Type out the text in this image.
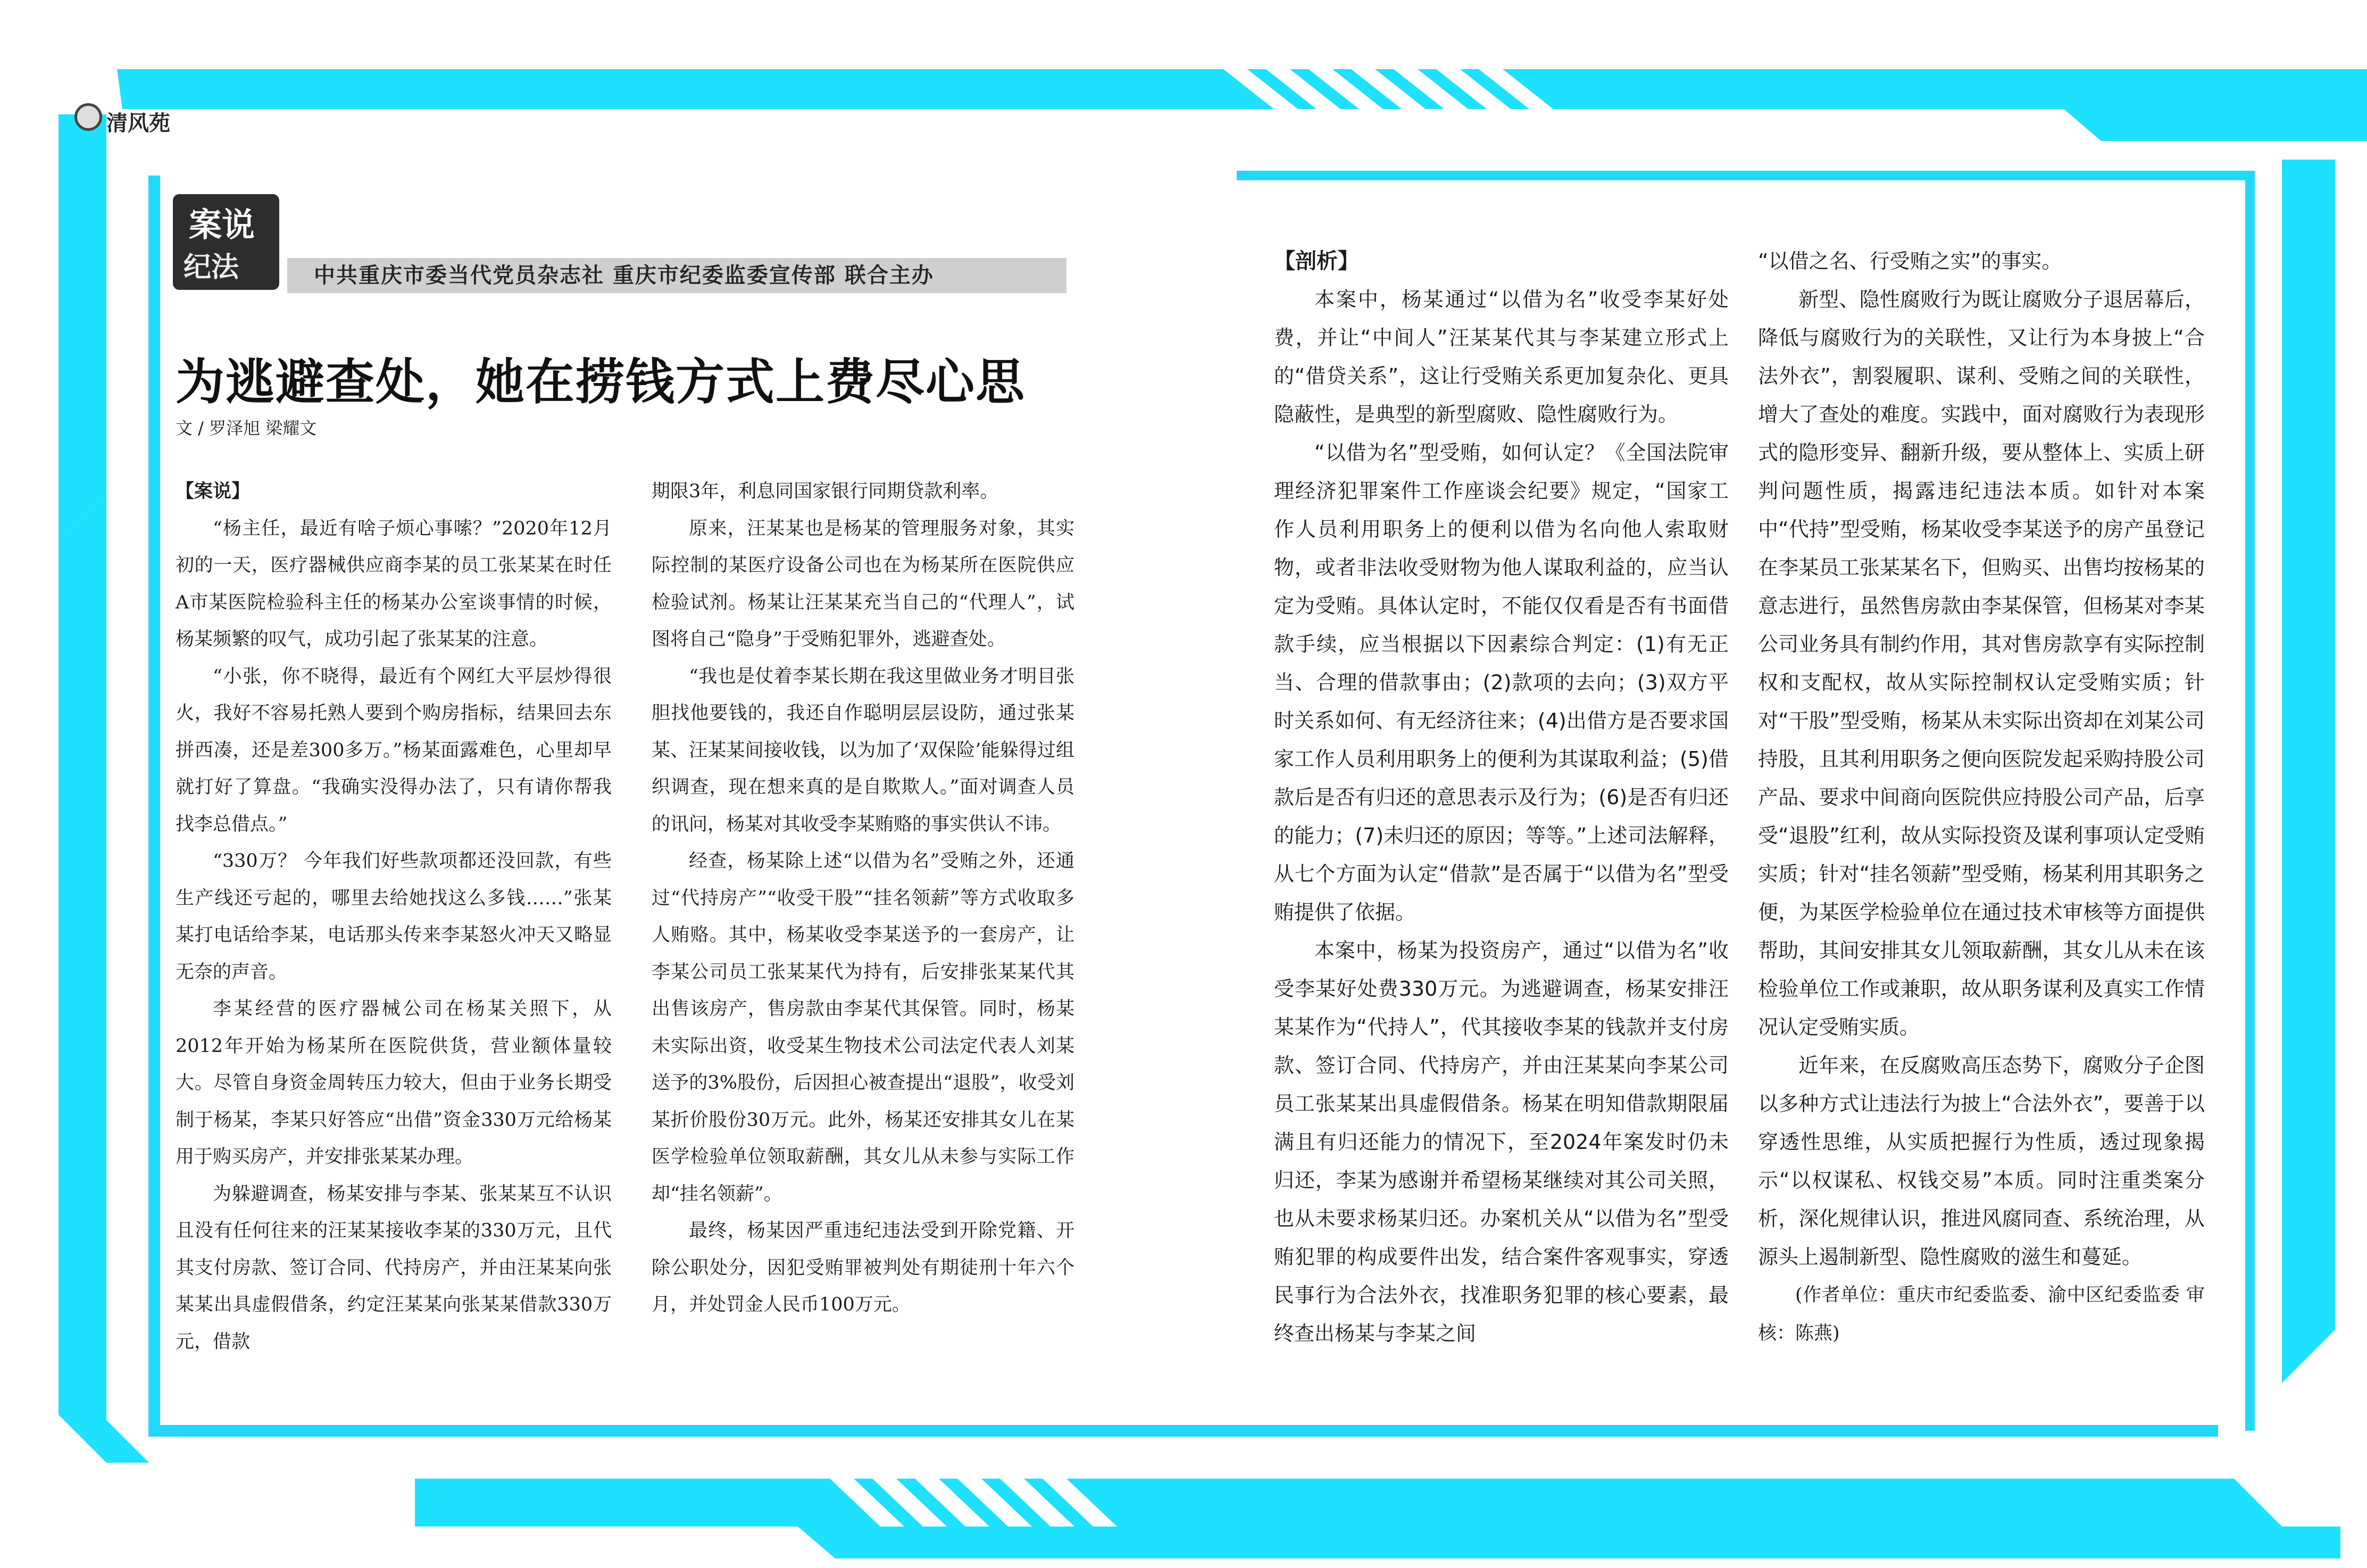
清风苑
案说
纪法	中共重庆市委当代党员杂志社 重庆市纪委监委宣传部 联合主办
为逃避查处，她在捞钱方式上费尽心思
文 / 罗泽旭 梁耀文

【案说】

“杨主任，最近有啥子烦心事嗦？”2020年12月初的一天，医疗器械供应商李某的员工张某某在时任A市某医院检验科主任的杨某办公室谈事情的时候，杨某频繁的叹气，成功引起了张某某的注意。

“小张，你不晓得，最近有个网红大平层炒得很火，我好不容易托熟人要到个购房指标，结果回去东拼西凑，还是差300多万。”杨某面露难色，心里却早就打好了算盘。“我确实没得办法了，只有请你帮我找李总借点。”

“330万？ 今年我们好些款项都还没回款，有些生产线还亏起的，哪里去给她找这么多钱……”张某某打电话给李某，电话那头传来李某怒火冲天又略显无奈的声音。

李某经营的医疗器械公司在杨某关照下，从2012年开始为杨某所在医院供货，营业额体量较大。尽管自身资金周转压力较大，但由于业务长期受制于杨某，李某只好答应“出借”资金330万元给杨某用于购买房产，并安排张某某办理。

为躲避调查，杨某安排与李某、张某某互不认识且没有任何往来的汪某某接收李某的330万元，且代其支付房款、签订合同、代持房产，并由汪某某向张某某出具虚假借条，约定汪某某向张某某借款330万元，借款

期限3年，利息同国家银行同期贷款利率。

原来，汪某某也是杨某的管理服务对象，其实际控制的某医疗设备公司也在为杨某所在医院供应检验试剂。杨某让汪某某充当自己的“代理人”，试图将自己“隐身”于受贿犯罪外，逃避查处。

“我也是仗着李某长期在我这里做业务才明目张胆找他要钱的，我还自作聪明层层设防，通过张某某、汪某某间接收钱，以为加了‘双保险’能躲得过组织调查，现在想来真的是自欺欺人。”面对调查人员的讯问，杨某对其收受李某贿赂的事实供认不讳。

经查，杨某除上述“以借为名”受贿之外，还通过“代持房产”“收受干股”“挂名领薪”等方式收取多人贿赂。其中，杨某收受李某送予的一套房产，让李某公司员工张某某代为持有，后安排张某某代其出售该房产，售房款由李某代其保管。同时，杨某未实际出资，收受某生物技术公司法定代表人刘某送予的3%股份，后因担心被查提出“退股”，收受刘某折价股份30万元。此外，杨某还安排其女儿在某医学检验单位领取薪酬，其女儿从未参与实际工作却“挂名领薪”。

最终，杨某因严重违纪违法受到开除党籍、开除公职处分，因犯受贿罪被判处有期徒刑十年六个月，并处罚金人民币100万元。

【剖析】

本案中，杨某通过“以借为名”收受李某好处费，并让“中间人”汪某某代其与李某建立形式上的“借贷关系”，这让行受贿关系更加复杂化、更具隐蔽性，是典型的新型腐败、隐性腐败行为。

“以借为名”型受贿，如何认定？《全国法院审理经济犯罪案件工作座谈会纪要》规定，“国家工作人员利用职务上的便利以借为名向他人索取财物，或者非法收受财物为他人谋取利益的，应当认定为受贿。具体认定时，不能仅仅看是否有书面借款手续，应当根据以下因素综合判定：(1)有无正当、合理的借款事由；(2)款项的去向；(3)双方平时关系如何、有无经济往来；(4)出借方是否要求国家工作人员利用职务上的便利为其谋取利益；(5)借款后是否有归还的意思表示及行为；(6)是否有归还的能力；(7)未归还的原因；等等。”上述司法解释，从七个方面为认定“借款”是否属于“以借为名”型受贿提供了依据。

本案中，杨某为投资房产，通过“以借为名”收受李某好处费330万元。为逃避调查，杨某安排汪某某作为“代持人”，代其接收李某的钱款并支付房款、签订合同、代持房产，并由汪某某向李某公司员工张某某出具虚假借条。杨某在明知借款期限届满且有归还能力的情况下，至2024年案发时仍未归还，李某为感谢并希望杨某继续对其公司关照，也从未要求杨某归还。办案机关从“以借为名”型受贿犯罪的构成要件出发，结合案件客观事实，穿透民事行为合法外衣，找准职务犯罪的核心要素，最终查出杨某与李某之间

“以借之名、行受贿之实”的事实。

新型、隐性腐败行为既让腐败分子退居幕后，降低与腐败行为的关联性，又让行为本身披上“合法外衣”，割裂履职、谋利、受贿之间的关联性，增大了查处的难度。实践中，面对腐败行为表现形式的隐形变异、翻新升级，要从整体上、实质上研判问题性质，揭露违纪违法本质。如针对本案中“代持”型受贿，杨某收受李某送予的房产虽登记在李某员工张某某名下，但购买、出售均按杨某的意志进行，虽然售房款由李某保管，但杨某对李某公司业务具有制约作用，其对售房款享有实际控制权和支配权，故从实际控制权认定受贿实质；针对“干股”型受贿，杨某从未实际出资却在刘某公司持股，且其利用职务之便向医院发起采购持股公司产品、要求中间商向医院供应持股公司产品，后享受“退股”红利，故从实际投资及谋利事项认定受贿实质；针对“挂名领薪”型受贿，杨某利用其职务之便，为某医学检验单位在通过技术审核等方面提供帮助，其间安排其女儿领取薪酬，其女儿从未在该检验单位工作或兼职，故从职务谋利及真实工作情况认定受贿实质。

近年来，在反腐败高压态势下，腐败分子企图以多种方式让违法行为披上“合法外衣”，要善于以穿透性思维，从实质把握行为性质，透过现象揭示“以权谋私、权钱交易”本质。同时注重类案分析，深化规律认识，推进风腐同查、系统治理，从源头上遏制新型、隐性腐败的滋生和蔓延。

(作者单位：重庆市纪委监委、渝中区纪委监委 审核：陈燕)
